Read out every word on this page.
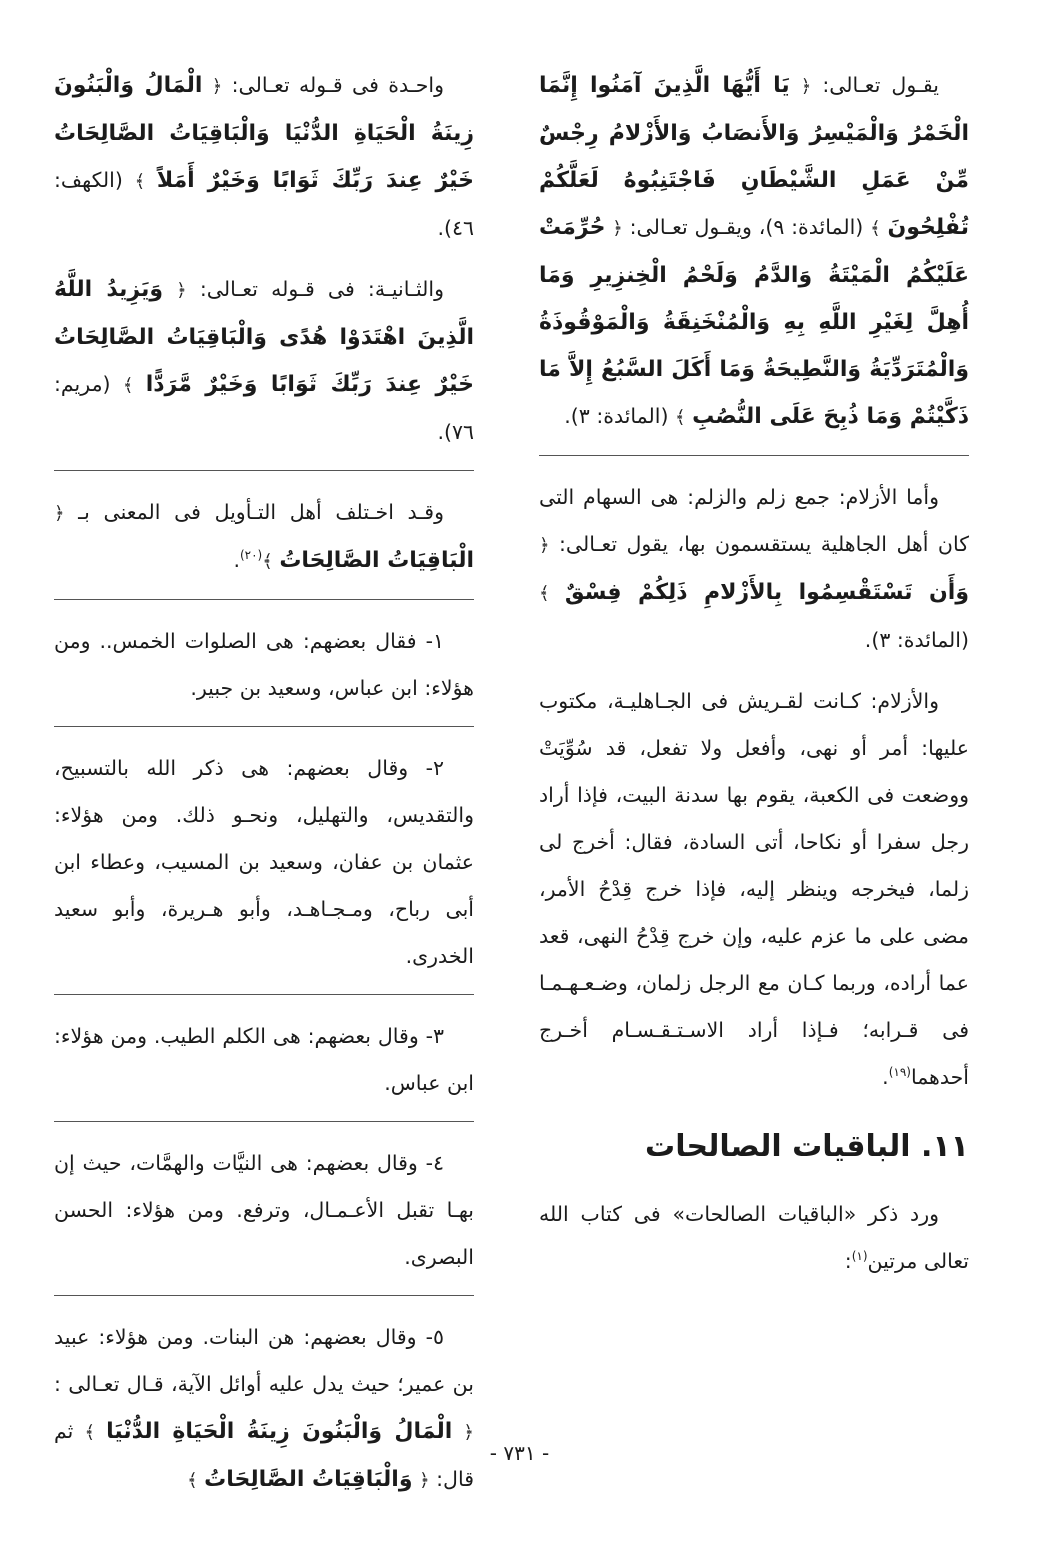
يقـول تعـالى: ﴿ يَا أَيُّهَا الَّذِينَ آمَنُوا إِنَّمَا الْخَمْرُ وَالْمَيْسِرُ وَالأَنصَابُ وَالأَزْلامُ رِجْسٌ مِّنْ عَمَلِ الشَّيْطَانِ فَاجْتَنِبُوهُ لَعَلَّكُمْ تُفْلِحُونَ ﴾ (المائدة: ٩)، ويقـول تعـالى: ﴿ حُرِّمَتْ عَلَيْكُمُ الْمَيْتَةُ وَالدَّمُ وَلَحْمُ الْخِنزِيرِ وَمَا أُهِلَّ لِغَيْرِ اللَّهِ بِهِ وَالْمُنْخَنِقَةُ وَالْمَوْقُوذَةُ وَالْمُتَرَدِّيَةُ وَالنَّطِيحَةُ وَمَا أَكَلَ السَّبُعُ إِلاَّ مَا ذَكَّيْتُمْ وَمَا ذُبِحَ عَلَى النُّصُبِ ﴾ (المائدة: ٣).

وأما الأزلام: جمع زلم والزلم: هى السهام التى كان أهل الجاهلية يستقسمون بها، يقول تعـالى: ﴿ وَأَن تَسْتَقْسِمُوا بِالأَزْلامِ ذَلِكُمْ فِسْقٌ ﴾ (المائدة: ٣).

والأزلام: كـانت لقـريش فى الجـاهليـة، مكتوب عليها: أمر أو نهى، وأفعل ولا تفعل، قد سُوِّيَتْ ووضعت فى الكعبة، يقوم بها سدنة البيت، فإذا أراد رجل سفرا أو نكاحا، أتى السادة، فقال: أخرج لى زلما، فيخرجه وينظر إليه، فإذا خرج قِدْحُ الأمر، مضى على ما عزم عليه، وإن خرج قِدْحُ النهى، قعد عما أراده، وربما كـان مع الرجل زلمان، وضـعـهـمـا فى قـرابه؛ فـإذا أراد الاسـتـقـسـام أخـرج أحدهما$^{(١٩)}$.

١١. الباقيات الصالحات

ورد ذكر «الباقيات الصالحات» فى كتاب الله تعالى مرتين$^{(١)}$:

واحـدة فى قـوله تعـالى: ﴿ الْمَالُ وَالْبَنُونَ زِينَةُ الْحَيَاةِ الدُّنْيَا وَالْبَاقِيَاتُ الصَّالِحَاتُ خَيْرٌ عِندَ رَبِّكَ ثَوَابًا وَخَيْرٌ أَمَلاً ﴾ (الكهف: ٤٦).

والثـانيـة: فى قـوله تعـالى: ﴿ وَيَزِيدُ اللَّهُ الَّذِينَ اهْتَدَوْا هُدًى وَالْبَاقِيَاتُ الصَّالِحَاتُ خَيْرٌ عِندَ رَبِّكَ ثَوَابًا وَخَيْرٌ مَّرَدًّا ﴾ (مريم: ٧٦).

وقـد اخـتلف أهل التـأويل فى المعنى بـ ﴿ الْبَاقِيَاتُ الصَّالِحَاتُ ﴾$^{(٢٠)}$.

١- فقال بعضهم: هى الصلوات الخمس.. ومن هؤلاء: ابن عباس، وسعيد بن جبير.

٢- وقال بعضهم: هى ذكر الله بالتسبيح، والتقديس، والتهليل، ونحـو ذلك. ومن هؤلاء: عثمان بن عفان، وسعيد بن المسيب، وعطاء ابن أبى رباح، ومـجـاهـد، وأبو هـريرة، وأبو سعيد الخدرى.

٣- وقال بعضهم: هى الكلم الطيب. ومن هؤلاء: ابن عباس.

٤- وقال بعضهم: هى النيَّات والهمَّات، حيث إن بهـا تقبل الأعـمـال، وترفع. ومن هؤلاء: الحسن البصرى.

٥- وقال بعضهم: هن البنات. ومن هؤلاء: عبيد بن عمير؛ حيث يدل عليه أوائل الآية، قـال تعـالى : ﴿ الْمَالُ وَالْبَنُونَ زِينَةُ الْحَيَاةِ الدُّنْيَا ﴾ ثم قال: ﴿ وَالْبَاقِيَاتُ الصَّالِحَاتُ ﴾

- ٧٣١ -
